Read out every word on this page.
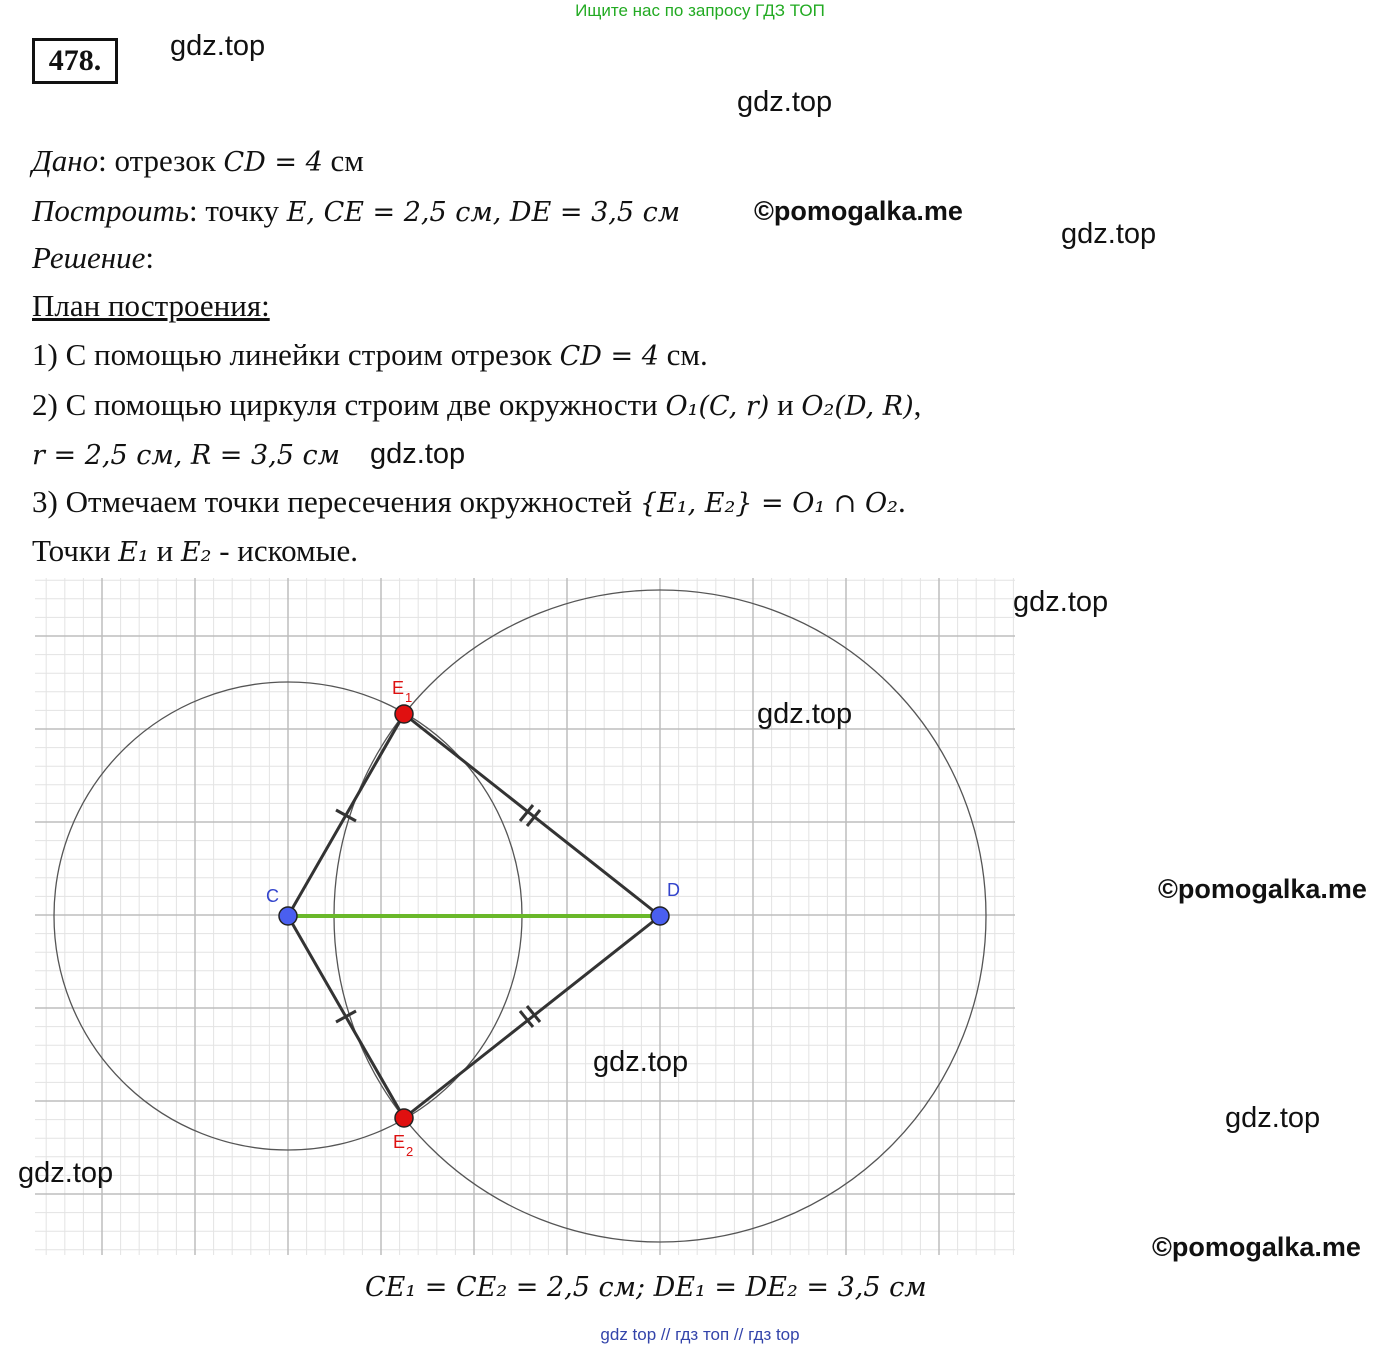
Ищите нас по запросу ГДЗ ТОП
478.	gdz.top
gdz.top
gdz.top
©pomogalka.me
Дано: отрезок CD = 4 см
Построить: точку E, CE = 2,5 см, DE = 3,5 см
Решение:
План построения:
1) С помощью линейки строим отрезок CD = 4 см.
2) С помощью циркуля строим две окружности O₁(C, r) и O₂(D, R),
r = 2,5 см, R = 3,5 см gdz.top
3) Отмечаем точки пересечения окружностей {E₁, E₂} = O₁ ∩ O₂.
Точки E₁ и E₂ - искомые.
C	D
E 1
E 2
gdz.top
gdz.top
©pomogalka.me
gdz.top
gdz.top
gdz.top
©pomogalka.me
CE₁ = CE₂ = 2,5 см; DE₁ = DE₂ = 3,5 см
gdz top // гдз топ // гдз top
